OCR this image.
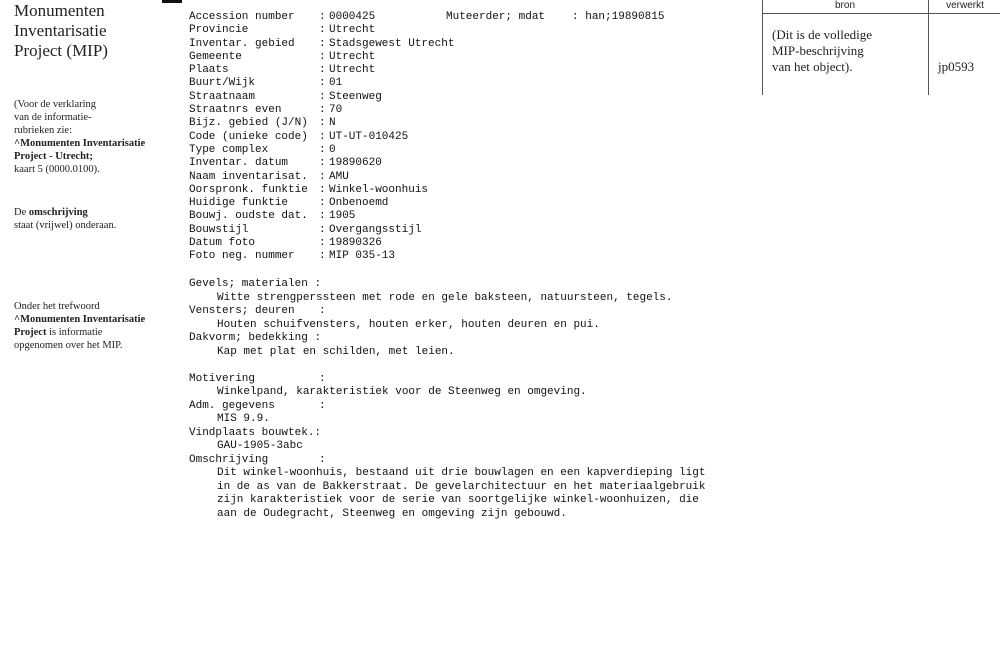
Monumenten
Inventarisatie
Project (MIP)
(Voor de verklaring
van de informatie-
rubrieken zie:
^Monumenten Inventarisatie
Project - Utrecht;
kaart 5 (0000.0100).
De omschrijving
staat (vrijwel) onderaan.
Onder het trefwoord
^Monumenten Inventarisatie
Project is informatie
opgenomen over het MIP.
Accession number : 0000425
Provincie	: Utrecht
Inventar. gebied : Stadsgewest Utrecht
Gemeente	: Utrecht
Plaats	: Utrecht
Buurt/Wijk	: 01
Straatnaam	: Steenweg
Straatnrs even	: 70
Bijz. gebied (J/N) : N
Code (unieke code) : UT-UT-010425
Type complex	: 0
Inventar. datum	: 19890620
Naam inventarisat. : AMU
Oorspronk. funktie : Winkel-woonhuis
Huidige funktie	: Onbenoemd
Bouwj. oudste dat. : 1905
Bouwstijl	: Overgangsstijl
Datum foto	: 19890326
Foto neg. nummer : MIP 035-13
Muteerder; mdat : han;19890815
Gevels; materialen :
Witte strengperssteen met rode en gele baksteen, natuursteen, tegels.
Vensters; deuren :
Houten schuifvensters, houten erker, houten deuren en pui.
Dakvorm; bedekking :
Kap met plat en schilden, met leien.
Motivering	:
Winkelpand, karakteristiek voor de Steenweg en omgeving.
Adm. gegevens	:
MIS 9.9.
Vindplaats bouwtek.:
GAU-1905-3abc
Omschrijving	:
Dit winkel-woonhuis, bestaand uit drie bouwlagen en een kapverdieping ligt
in de as van de Bakkerstraat. De gevelarchitectuur en het materiaalgebruik
zijn karakteristiek voor de serie van soortgelijke winkel-woonhuizen, die
aan de Oudegracht, Steenweg en omgeving zijn gebouwd.
bron	verwerkt
(Dit is de volledige
MIP-beschrijving
van het object).	jp0593
